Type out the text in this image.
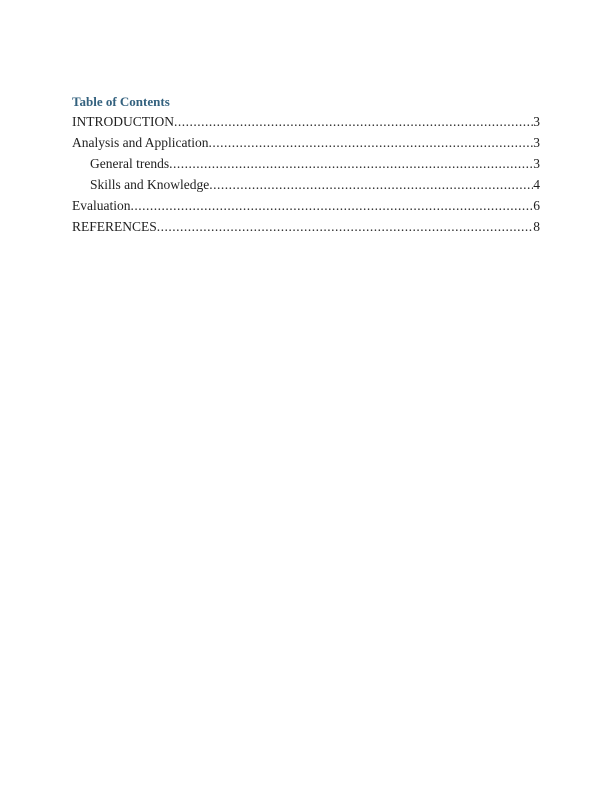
Table of Contents
INTRODUCTION .....	3
Analysis and Application .....	3
General trends .....	3
Skills and Knowledge .....	4
Evaluation .....	6
REFERENCES .....	8
